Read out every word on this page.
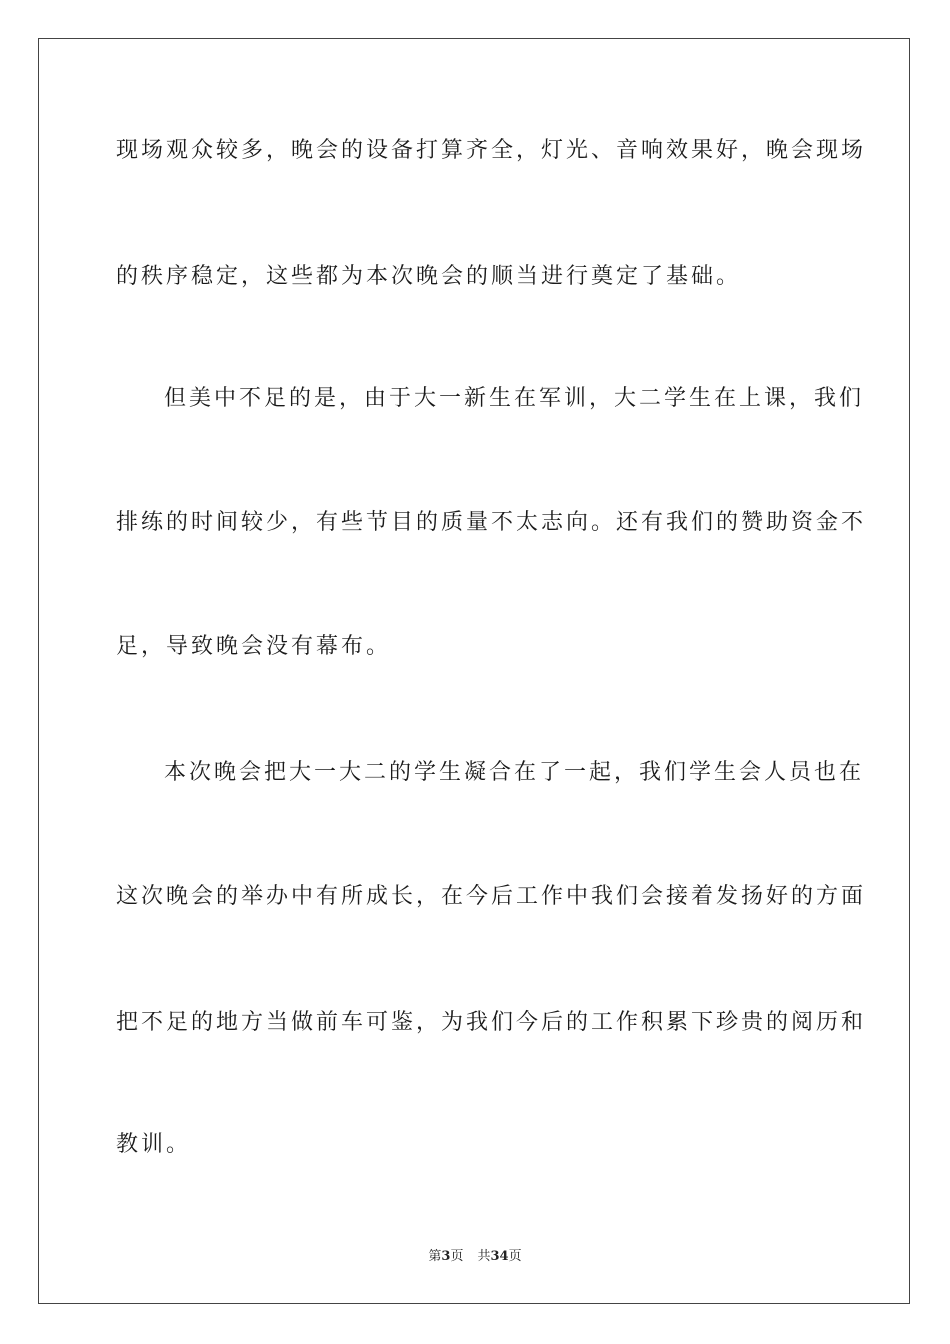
现场观众较多，晚会的设备打算齐全，灯光、音响效果好，晚会现场
的秩序稳定，这些都为本次晚会的顺当进行奠定了基础。
但美中不足的是，由于大一新生在军训，大二学生在上课，我们
排练的时间较少，有些节目的质量不太志向。还有我们的赞助资金不
足，导致晚会没有幕布。
本次晚会把大一大二的学生凝合在了一起，我们学生会人员也在
这次晚会的举办中有所成长，在今后工作中我们会接着发扬好的方面
把不足的地方当做前车可鉴，为我们今后的工作积累下珍贵的阅历和
教训。
第3页 共34页
